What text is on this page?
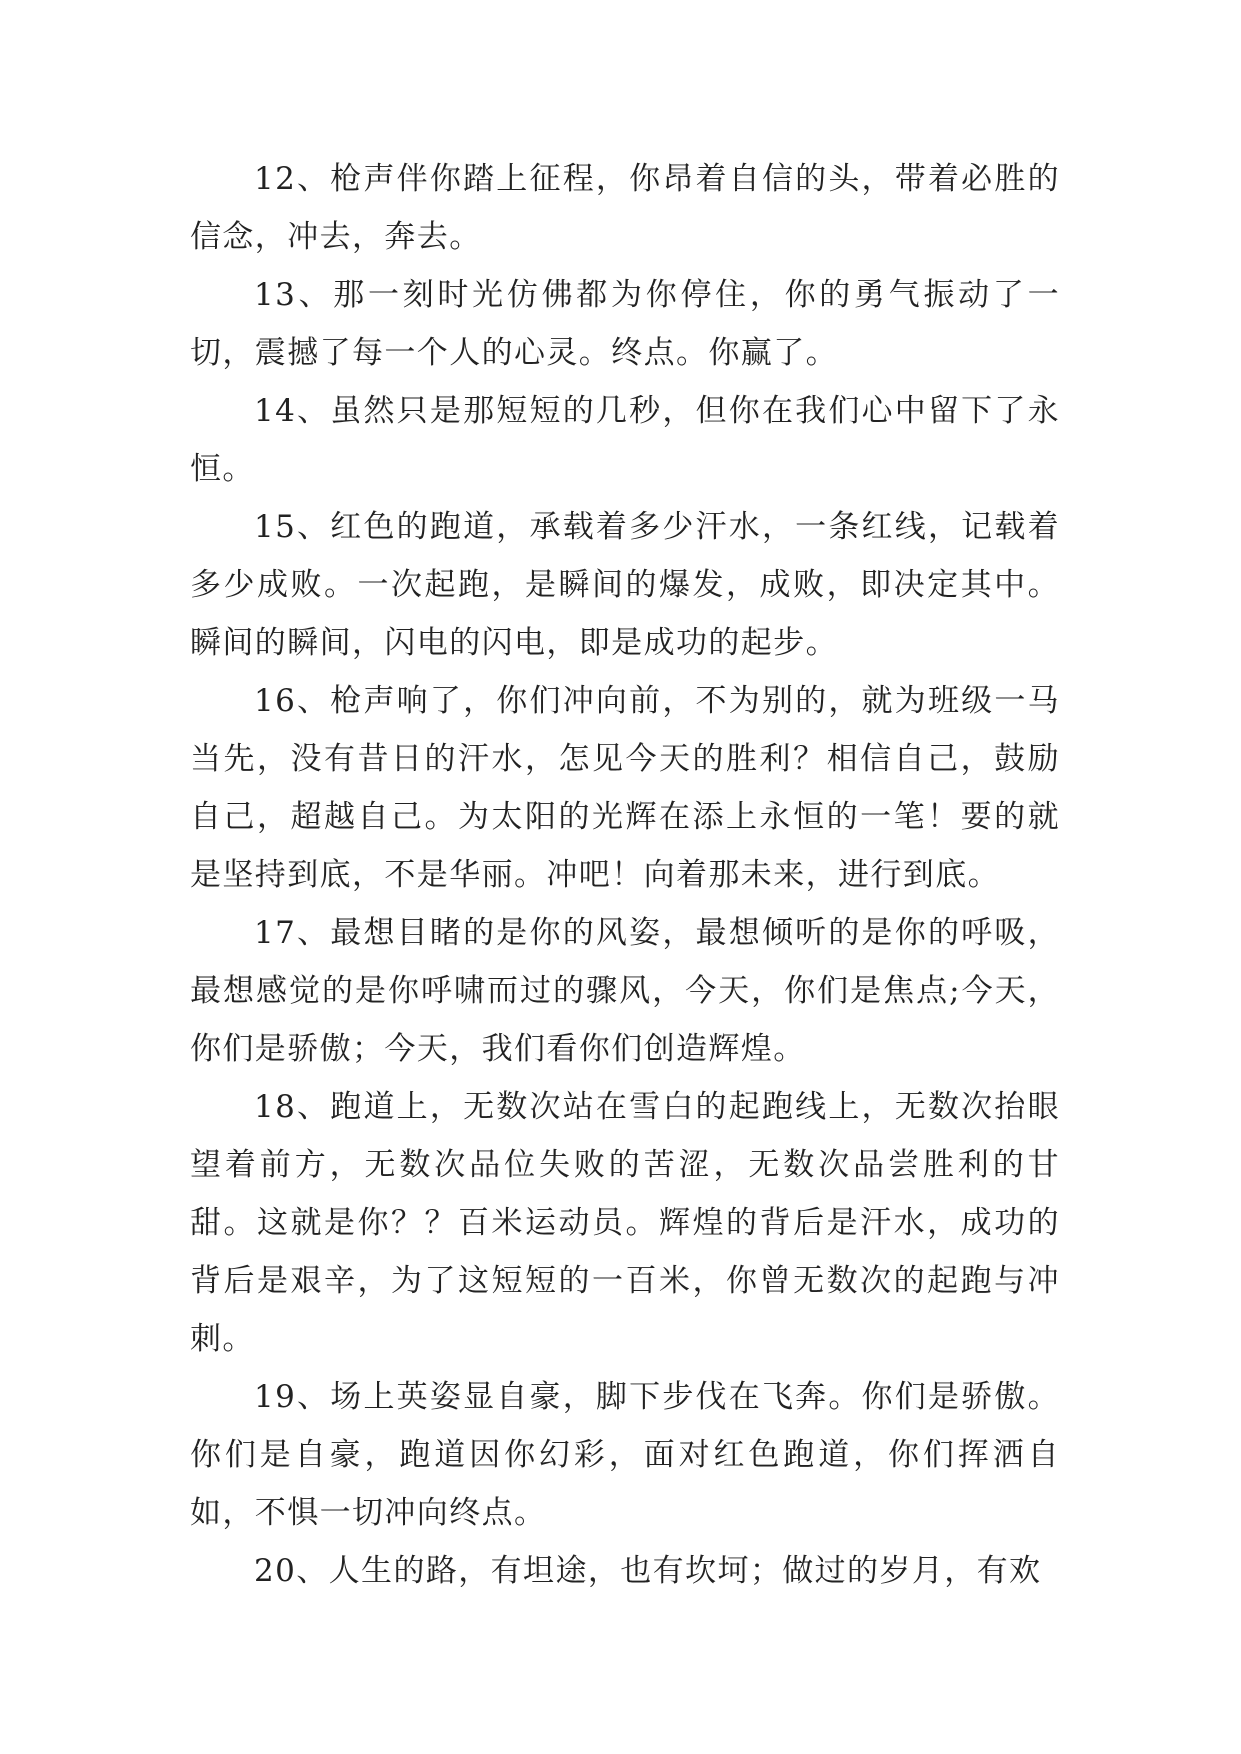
12、枪声伴你踏上征程，你昂着自信的头，带着必胜的信念，冲去，奔去。

13、那一刻时光仿佛都为你停住，你的勇气振动了一切，震撼了每一个人的心灵。终点。你赢了。

14、虽然只是那短短的几秒，但你在我们心中留下了永恒。

15、红色的跑道，承载着多少汗水，一条红线，记载着多少成败。一次起跑，是瞬间的爆发，成败，即决定其中。瞬间的瞬间，闪电的闪电，即是成功的起步。

16、枪声响了，你们冲向前，不为别的，就为班级一马当先，没有昔日的汗水，怎见今天的胜利？相信自己，鼓励自己，超越自己。为太阳的光辉在添上永恒的一笔！要的就是坚持到底，不是华丽。冲吧！向着那未来，进行到底。

17、最想目睹的是你的风姿，最想倾听的是你的呼吸，最想感觉的是你呼啸而过的骤风，今天，你们是焦点;今天，你们是骄傲；今天，我们看你们创造辉煌。

18、跑道上，无数次站在雪白的起跑线上，无数次抬眼望着前方，无数次品位失败的苦涩，无数次品尝胜利的甘甜。这就是你？？百米运动员。辉煌的背后是汗水，成功的背后是艰辛，为了这短短的一百米，你曾无数次的起跑与冲刺。

19、场上英姿显自豪，脚下步伐在飞奔。你们是骄傲。你们是自豪，跑道因你幻彩，面对红色跑道，你们挥洒自如，不惧一切冲向终点。

20、人生的路，有坦途，也有坎坷；做过的岁月，有欢
